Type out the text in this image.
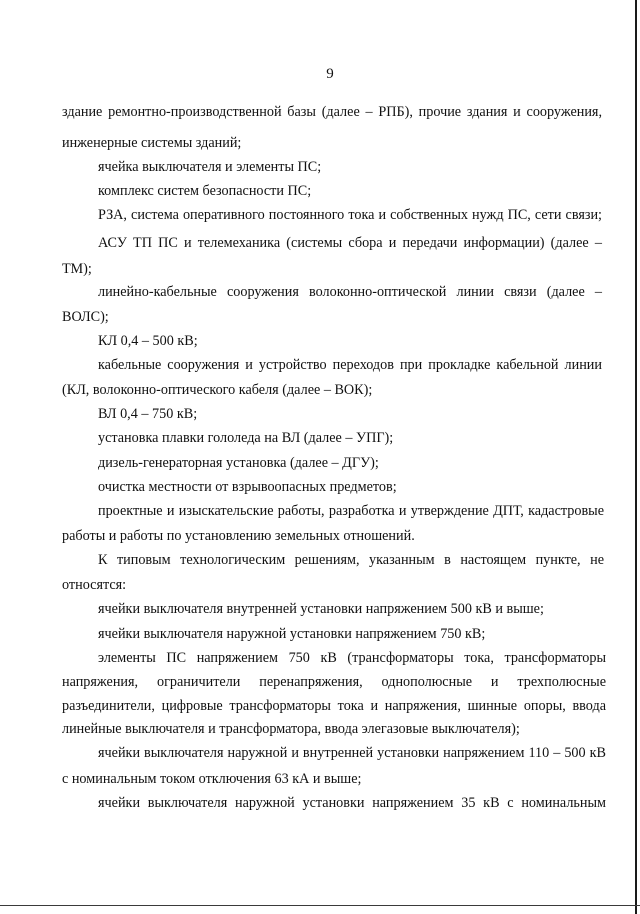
9
здание ремонтно-производственной базы (далее – РПБ), прочие здания и сооружения,
инженерные системы зданий;
ячейка выключателя и элементы ПС;
комплекс систем безопасности ПС;
РЗА, система оперативного постоянного тока и собственных нужд ПС, сети связи;
АСУ ТП ПС и телемеханика (системы сбора и передачи информации) (далее –
ТМ);
линейно-кабельные сооружения волоконно-оптической линии связи (далее –
ВОЛС);
КЛ 0,4 – 500 кВ;
кабельные сооружения и устройство переходов при прокладке кабельной линии
(КЛ, волоконно-оптического кабеля (далее – ВОК);
ВЛ 0,4 – 750 кВ;
установка плавки гололеда на ВЛ (далее – УПГ);
дизель-генераторная установка (далее – ДГУ);
очистка местности от взрывоопасных предметов;
проектные и изыскательские работы, разработка и утверждение ДПТ, кадастровые
работы и работы по установлению земельных отношений.
К типовым технологическим решениям, указанным в настоящем пункте, не
относятся:
ячейки выключателя внутренней установки напряжением 500 кВ и выше;
ячейки выключателя наружной установки напряжением 750 кВ;
элементы ПС напряжением 750 кВ (трансформаторы тока, трансформаторы
напряжения, ограничители перенапряжения, однополюсные и трехполюсные
разъединители, цифровые трансформаторы тока и напряжения, шинные опоры, ввода
линейные выключателя и трансформатора, ввода элегазовые выключателя);
ячейки выключателя наружной и внутренней установки напряжением 110 – 500 кВ
с номинальным током отключения 63 кА и выше;
ячейки выключателя наружной установки напряжением 35 кВ с номинальным
